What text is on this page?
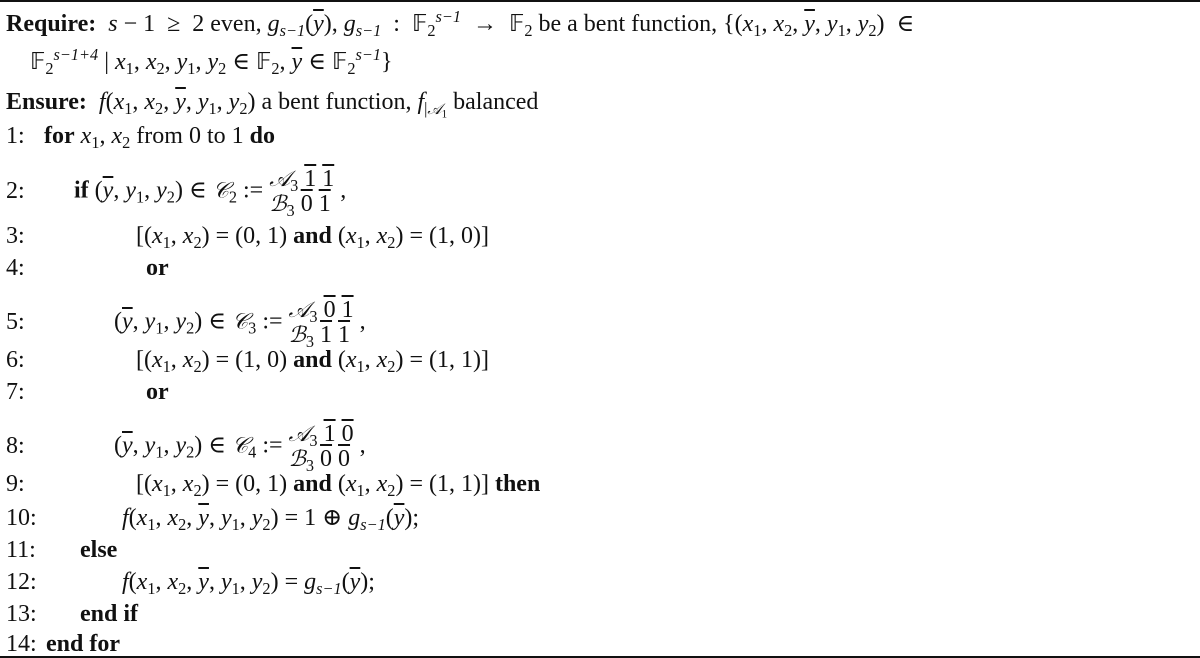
Require:  s − 1  ≥  2 even, $g_{s-1}(\overline{y})$, $g_{s-1}$  :  𝔽$_2^{s-1}$  →  𝔽$_2$ be a bent function, {($x_1$, $x_2$, $\overline{y}$, $y_1$, $y_2$)  ∈
𝔽$_2^{s-1+4}$ | $x_1$, $x_2$, $y_1$, $y_2$ ∈ 𝔽$_2$, $\overline{y}$ ∈ 𝔽$_2^{s-1}$}
Ensure:  $f(x_1$, $x_2$, $\overline{y}$, $y_1$, $y_2$) a bent function, $f_{|𝒜_1}$ balanced
1: for $x_1$, $x_2$ from 0 to 1 do
2: if ($\overline{y}$, $y_1$, $y_2$) ∈ 𝒞$_2$ := 𝒜$_3$ 1 1
ℬ$_3$ 0 1
,
3:	[($x_1$, $x_2) = (0$, 1) and ($x_1$, $x_2) = (1$, 0)]
4:	or
5:	($\overline{y}$, $y_1$, $y_2$) ∈ 𝒞$_3$ := 𝒜$_3$ 0 1
ℬ$_3$ 1 1
,
6:	[($x_1$, $x_2) = (1$, 0) and ($x_1$, $x_2) = (1$, 1)]
7:	or
8:	($\overline{y}$, $y_1$, $y_2$) ∈ 𝒞$_4$ := 𝒜$_3$ 1 0
ℬ$_3$ 0 0
,
9:	[($x_1$, $x_2) = (0$, 1) and ($x_1$, $x_2) = (1$, 1)] then
10:	$f(x_1$, $x_2$, $\overline{y}$, $y_1$, $y_2) = 1$ ⊕ $g_{s-1}(\overline{y})$;
11: else
12:	$f(x_1$, $x_2$, $\overline{y}$, $y_1$, $y_2) = g_{s-1}(\overline{y})$;
13: end if
14: end for
